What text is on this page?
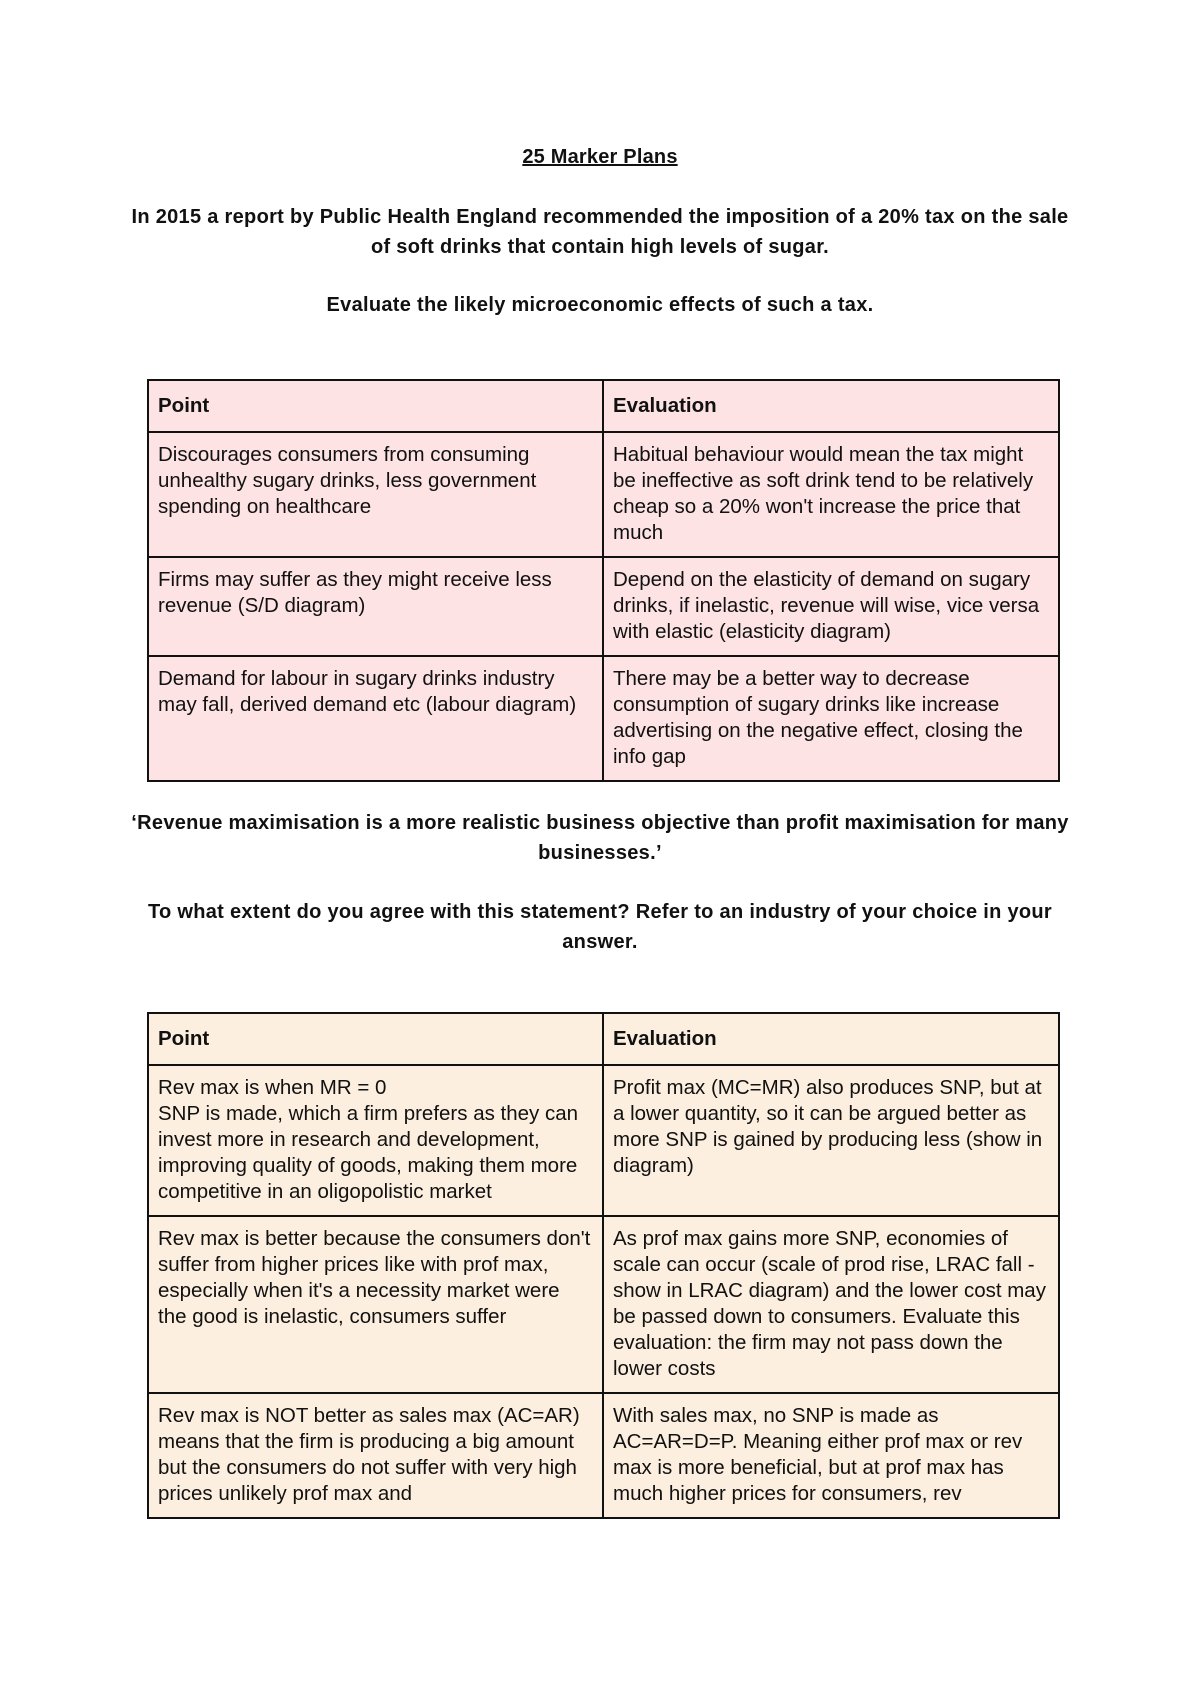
25 Marker Plans

In 2015 a report by Public Health England recommended the imposition of a 20% tax on the sale of soft drinks that contain high levels of sugar.

Evaluate the likely microeconomic effects of such a tax.

Point	Evaluation
Discourages consumers from consuming unhealthy sugary drinks, less government spending on healthcare	Habitual behaviour would mean the tax might be ineffective as soft drink tend to be relatively cheap so a 20% won't increase the price that much
Firms may suffer as they might receive less revenue (S/D diagram)	Depend on the elasticity of demand on sugary drinks, if inelastic, revenue will wise, vice versa with elastic (elasticity diagram)
Demand for labour in sugary drinks industry may fall, derived demand etc (labour diagram)	There may be a better way to decrease consumption of sugary drinks like increase advertising on the negative effect, closing the info gap

‘Revenue maximisation is a more realistic business objective than profit maximisation for many businesses.’

To what extent do you agree with this statement? Refer to an industry of your choice in your answer.

Point	Evaluation
Rev max is when MR = 0
SNP is made, which a firm prefers as they can invest more in research and development, improving quality of goods, making them more competitive in an oligopolistic market	Profit max (MC=MR) also produces SNP, but at a lower quantity, so it can be argued better as more SNP is gained by producing less (show in diagram)
Rev max is better because the consumers don't suffer from higher prices like with prof max, especially when it's a necessity market were the good is inelastic, consumers suffer	As prof max gains more SNP, economies of scale can occur (scale of prod rise, LRAC fall - show in LRAC diagram) and the lower cost may be passed down to consumers. Evaluate this evaluation: the firm may not pass down the lower costs
Rev max is NOT better as sales max (AC=AR) means that the firm is producing a big amount but the consumers do not suffer with very high prices unlikely prof max and	With sales max, no SNP is made as AC=AR=D=P. Meaning either prof max or rev max is more beneficial, but at prof max has much higher prices for consumers, rev
